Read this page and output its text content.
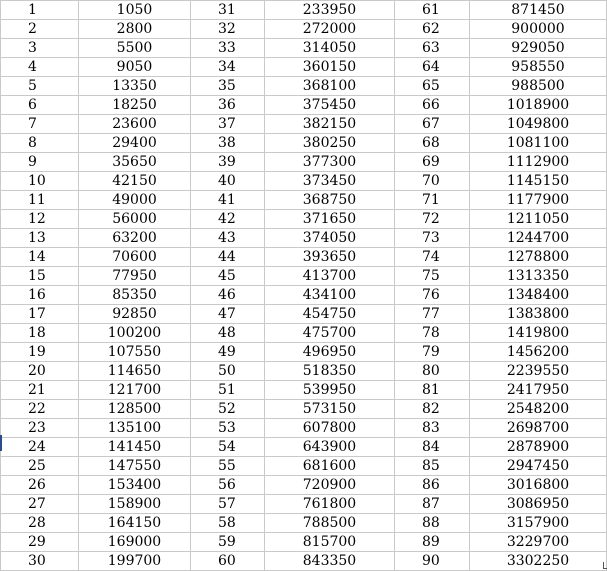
1	1050	31	233950	61	871450
2	2800	32	272000	62	900000
3	5500	33	314050	63	929050
4	9050	34	360150	64	958550
5	13350	35	368100	65	988500
6	18250	36	375450	66	1018900
7	23600	37	382150	67	1049800
8	29400	38	380250	68	1081100
9	35650	39	377300	69	1112900
10	42150	40	373450	70	1145150
11	49000	41	368750	71	1177900
12	56000	42	371650	72	1211050
13	63200	43	374050	73	1244700
14	70600	44	393650	74	1278800
15	77950	45	413700	75	1313350
16	85350	46	434100	76	1348400
17	92850	47	454750	77	1383800
18	100200	48	475700	78	1419800
19	107550	49	496950	79	1456200
20	114650	50	518350	80	2239550
21	121700	51	539950	81	2417950
22	128500	52	573150	82	2548200
23	135100	53	607800	83	2698700
24	141450	54	643900	84	2878900
25	147550	55	681600	85	2947450
26	153400	56	720900	86	3016800
27	158900	57	761800	87	3086950
28	164150	58	788500	88	3157900
29	169000	59	815700	89	3229700
30	199700	60	843350	90	3302250
